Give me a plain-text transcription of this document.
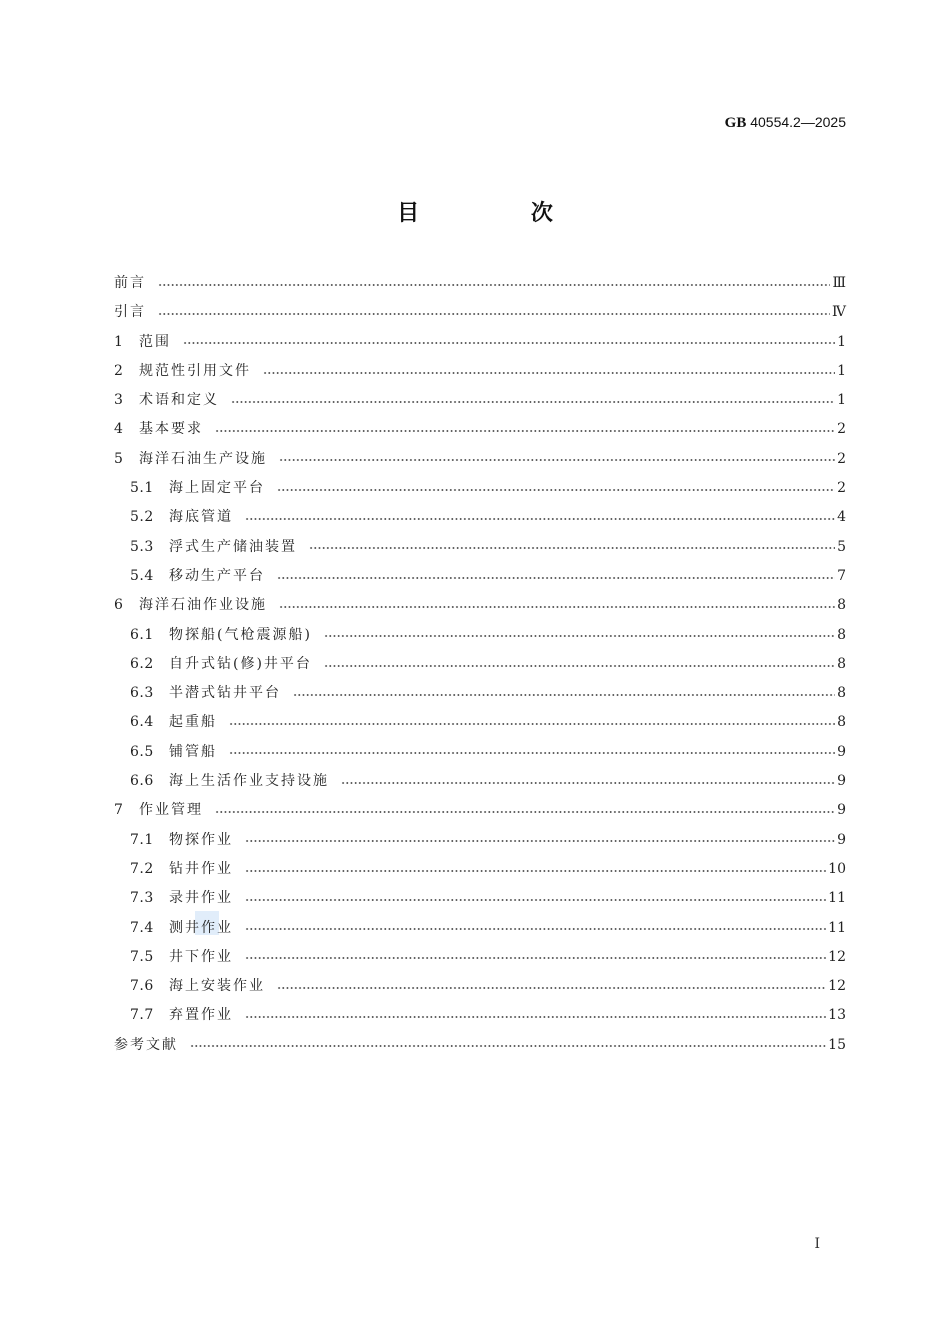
GB 40554.2—2025
目 次
前言	Ⅲ
引言	Ⅳ
1	范围	1
2	规范性引用文件	1
3	术语和定义	1
4	基本要求	2
5	海洋石油生产设施	2
5.1	海上固定平台	2
5.2	海底管道	4
5.3	浮式生产储油装置	5
5.4	移动生产平台	7
6	海洋石油作业设施	8
6.1	物探船(气枪震源船)	8
6.2	自升式钻(修)井平台	8
6.3	半潜式钻井平台	8
6.4	起重船	8
6.5	铺管船	9
6.6	海上生活作业支持设施	9
7	作业管理	9
7.1	物探作业	9
7.2	钻井作业	10
7.3	录井作业	11
7.4	测井作业	11
7.5	井下作业	12
7.6	海上安装作业	12
7.7	弃置作业	13
参考文献	15
I
